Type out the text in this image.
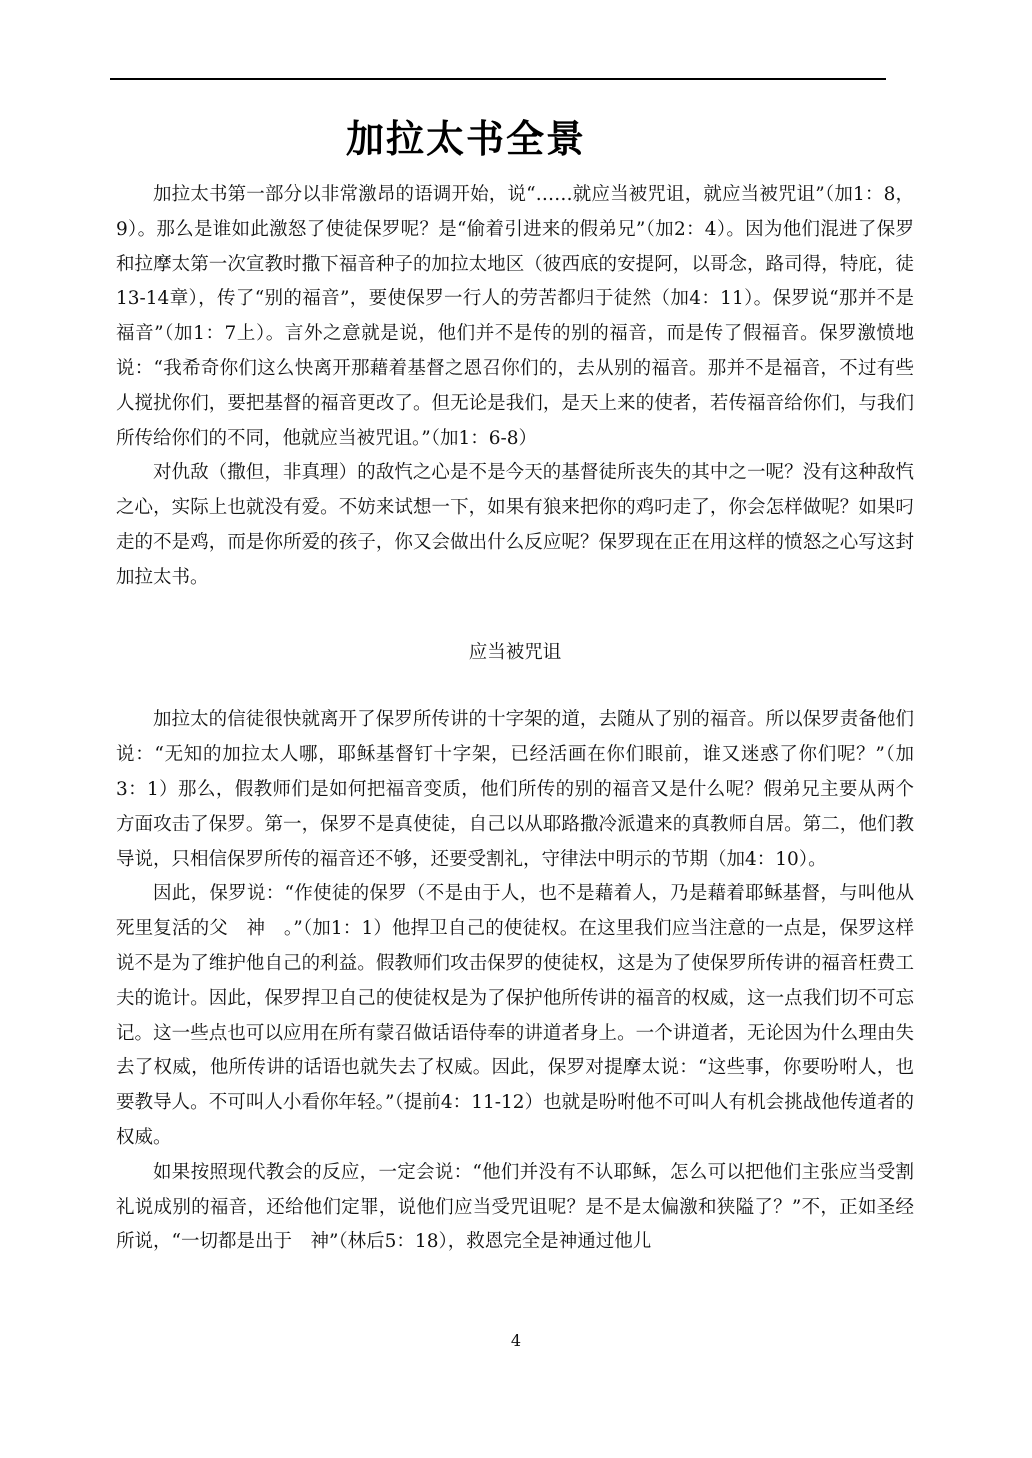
加拉太书全景

加拉太书第一部分以非常激昂的语调开始，说“……就应当被咒诅，就应当被咒诅”（加1：8，9）。那么是谁如此激怒了使徒保罗呢？是“偷着引进来的假弟兄”（加2：4）。因为他们混进了保罗和拉摩太第一次宣教时撒下福音种子的加拉太地区（彼西底的安提阿，以哥念，路司得，特庇，徒13-14章），传了“别的福音”，要使保罗一行人的劳苦都归于徒然（加4：11）。保罗说“那并不是福音”（加1：7上）。言外之意就是说，他们并不是传的别的福音，而是传了假福音。保罗激愤地说：“我希奇你们这么快离开那藉着基督之恩召你们的，去从别的福音。那并不是福音，不过有些人搅扰你们，要把基督的福音更改了。但无论是我们，是天上来的使者，若传福音给你们，与我们所传给你们的不同，他就应当被咒诅。”（加1：6-8）

对仇敌（撒但，非真理）的敌忾之心是不是今天的基督徒所丧失的其中之一呢？没有这种敌忾之心，实际上也就没有爱。不妨来试想一下，如果有狼来把你的鸡叼走了，你会怎样做呢？如果叼走的不是鸡，而是你所爱的孩子，你又会做出什么反应呢？保罗现在正在用这样的愤怒之心写这封加拉太书。

应当被咒诅

加拉太的信徒很快就离开了保罗所传讲的十字架的道，去随从了别的福音。所以保罗责备他们说：“无知的加拉太人哪，耶稣基督钉十字架，已经活画在你们眼前，谁又迷惑了你们呢？”（加3：1）那么，假教师们是如何把福音变质，他们所传的别的福音又是什么呢？假弟兄主要从两个方面攻击了保罗。第一，保罗不是真使徒，自己以从耶路撒冷派遣来的真教师自居。第二，他们教导说，只相信保罗所传的福音还不够，还要受割礼，守律法中明示的节期（加4：10）。

因此，保罗说：“作使徒的保罗（不是由于人，也不是藉着人，乃是藉着耶稣基督，与叫他从死里复活的父　神　。”（加1：1）他捍卫自己的使徒权。在这里我们应当注意的一点是，保罗这样说不是为了维护他自己的利益。假教师们攻击保罗的使徒权，这是为了使保罗所传讲的福音枉费工夫的诡计。因此，保罗捍卫自己的使徒权是为了保护他所传讲的福音的权威，这一点我们切不可忘记。这一些点也可以应用在所有蒙召做话语侍奉的讲道者身上。一个讲道者，无论因为什么理由失去了权威，他所传讲的话语也就失去了权威。因此，保罗对提摩太说：“这些事，你要吩咐人，也要教导人。不可叫人小看你年轻。”（提前4：11-12）也就是吩咐他不可叫人有机会挑战他传道者的权威。

如果按照现代教会的反应，一定会说：“他们并没有不认耶稣，怎么可以把他们主张应当受割礼说成别的福音，还给他们定罪，说他们应当受咒诅呢？是不是太偏激和狭隘了？”不，正如圣经所说，“一切都是出于　神”（林后5：18），救恩完全是神通过他儿

4
